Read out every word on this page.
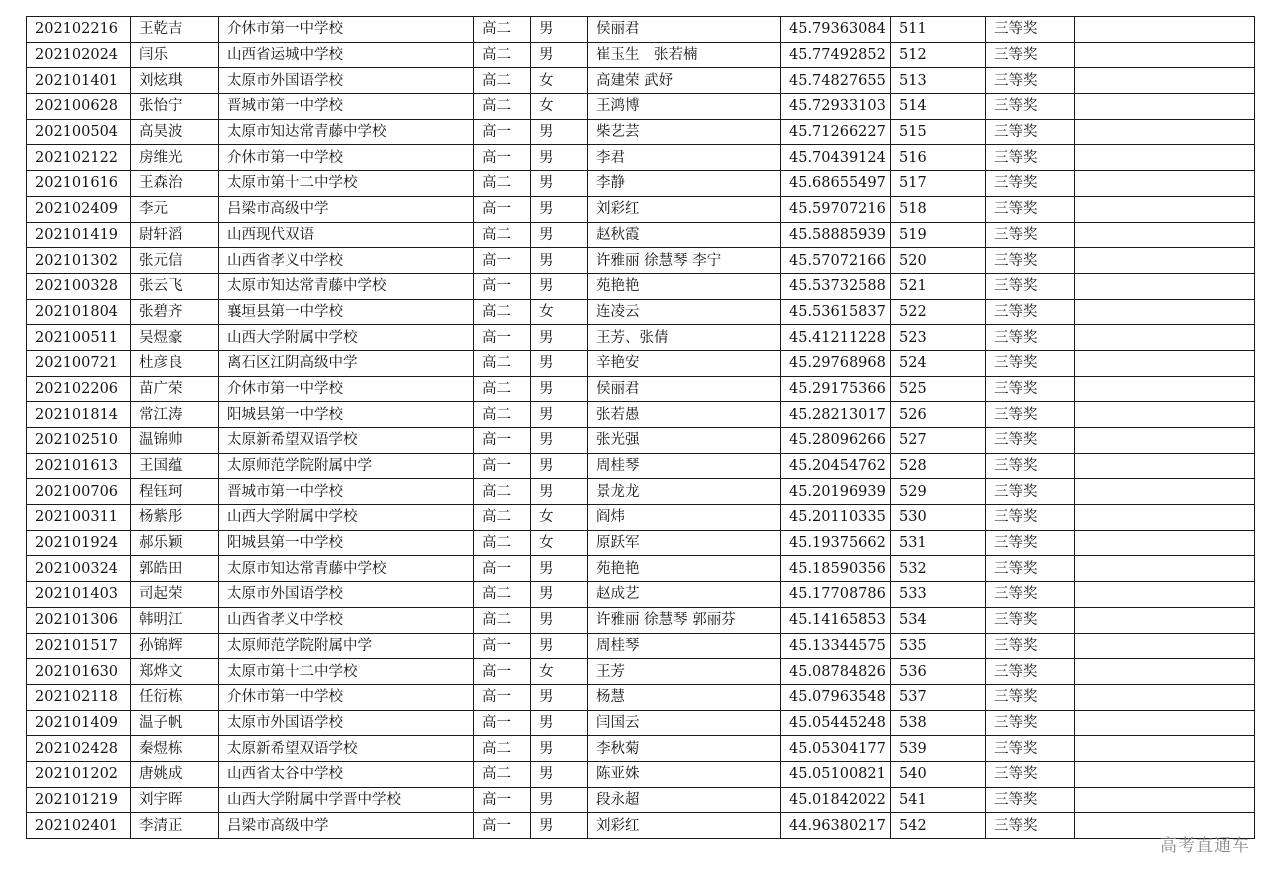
202102216	王乾吉	介休市第一中学校	高二	男	侯丽君	45.79363084	511	三等奖	
202102024	闫乐	山西省运城中学校	高二	男	崔玉生　张若楠	45.77492852	512	三等奖	
202101401	刘炫琪	太原市外国语学校	高二	女	高建荣 武妤	45.74827655	513	三等奖	
202100628	张怡宁	晋城市第一中学校	高二	女	王鸿博	45.72933103	514	三等奖	
202100504	高昊波	太原市知达常青藤中学校	高一	男	柴艺芸	45.71266227	515	三等奖	
202102122	房维光	介休市第一中学校	高一	男	李君	45.70439124	516	三等奖	
202101616	王森治	太原市第十二中学校	高二	男	李静	45.68655497	517	三等奖	
202102409	李元	吕梁市高级中学	高一	男	刘彩红	45.59707216	518	三等奖	
202101419	尉轩滔	山西现代双语	高二	男	赵秋霞	45.58885939	519	三等奖	
202101302	张元信	山西省孝义中学校	高一	男	许雅丽 徐慧琴 李宁	45.57072166	520	三等奖	
202100328	张云飞	太原市知达常青藤中学校	高一	男	苑艳艳	45.53732588	521	三等奖	
202101804	张碧齐	襄垣县第一中学校	高二	女	连凌云	45.53615837	522	三等奖	
202100511	吴煜豪	山西大学附属中学校	高一	男	王芳、张倩	45.41211228	523	三等奖	
202100721	杜彦良	离石区江阴高级中学	高二	男	辛艳安	45.29768968	524	三等奖	
202102206	苗广荣	介休市第一中学校	高二	男	侯丽君	45.29175366	525	三等奖	
202101814	常江涛	阳城县第一中学校	高二	男	张若愚	45.28213017	526	三等奖	
202102510	温锦帅	太原新希望双语学校	高一	男	张光强	45.28096266	527	三等奖	
202101613	王国蕴	太原师范学院附属中学	高一	男	周桂琴	45.20454762	528	三等奖	
202100706	程钰珂	晋城市第一中学校	高二	男	景龙龙	45.20196939	529	三等奖	
202100311	杨紫彤	山西大学附属中学校	高二	女	阎炜	45.20110335	530	三等奖	
202101924	郝乐颖	阳城县第一中学校	高二	女	原跃军	45.19375662	531	三等奖	
202100324	郭皓田	太原市知达常青藤中学校	高一	男	苑艳艳	45.18590356	532	三等奖	
202101403	司起荣	太原市外国语学校	高二	男	赵成艺	45.17708786	533	三等奖	
202101306	韩明江	山西省孝义中学校	高二	男	许雅丽 徐慧琴 郭丽芬	45.14165853	534	三等奖	
202101517	孙锦辉	太原师范学院附属中学	高一	男	周桂琴	45.13344575	535	三等奖	
202101630	郑烨文	太原市第十二中学校	高一	女	王芳	45.08784826	536	三等奖	
202102118	任衍栋	介休市第一中学校	高一	男	杨慧	45.07963548	537	三等奖	
202101409	温子帆	太原市外国语学校	高一	男	闫国云	45.05445248	538	三等奖	
202102428	秦煜栋	太原新希望双语学校	高二	男	李秋菊	45.05304177	539	三等奖	
202101202	唐姚成	山西省太谷中学校	高二	男	陈亚姝	45.05100821	540	三等奖	
202101219	刘宇晖	山西大学附属中学晋中学校	高一	男	段永超	45.01842022	541	三等奖	
202102401	李清正	吕梁市高级中学	高一	男	刘彩红	44.96380217	542	三等奖	
高考直通车
